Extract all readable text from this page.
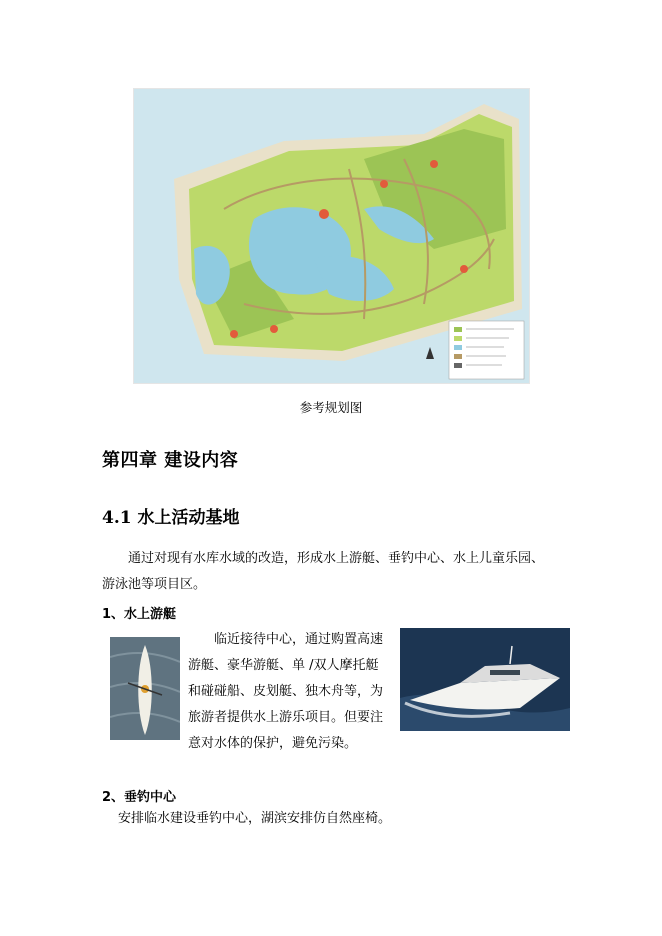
参考规划图
第四章 建设内容
4.1 水上活动基地
通过对现有水库水域的改造，形成水上游艇、垂钓中心、水上儿童乐园、
游泳池等项目区。
1、水上游艇
临近接待中心，通过购置高速
游艇、豪华游艇、单 /双人摩托艇
和碰碰船、皮划艇、独木舟等，为
旅游者提供水上游乐项目。但要注
意对水体的保护，避免污染。
2、垂钓中心
安排临水建设垂钓中心，湖滨安排仿自然座椅。
